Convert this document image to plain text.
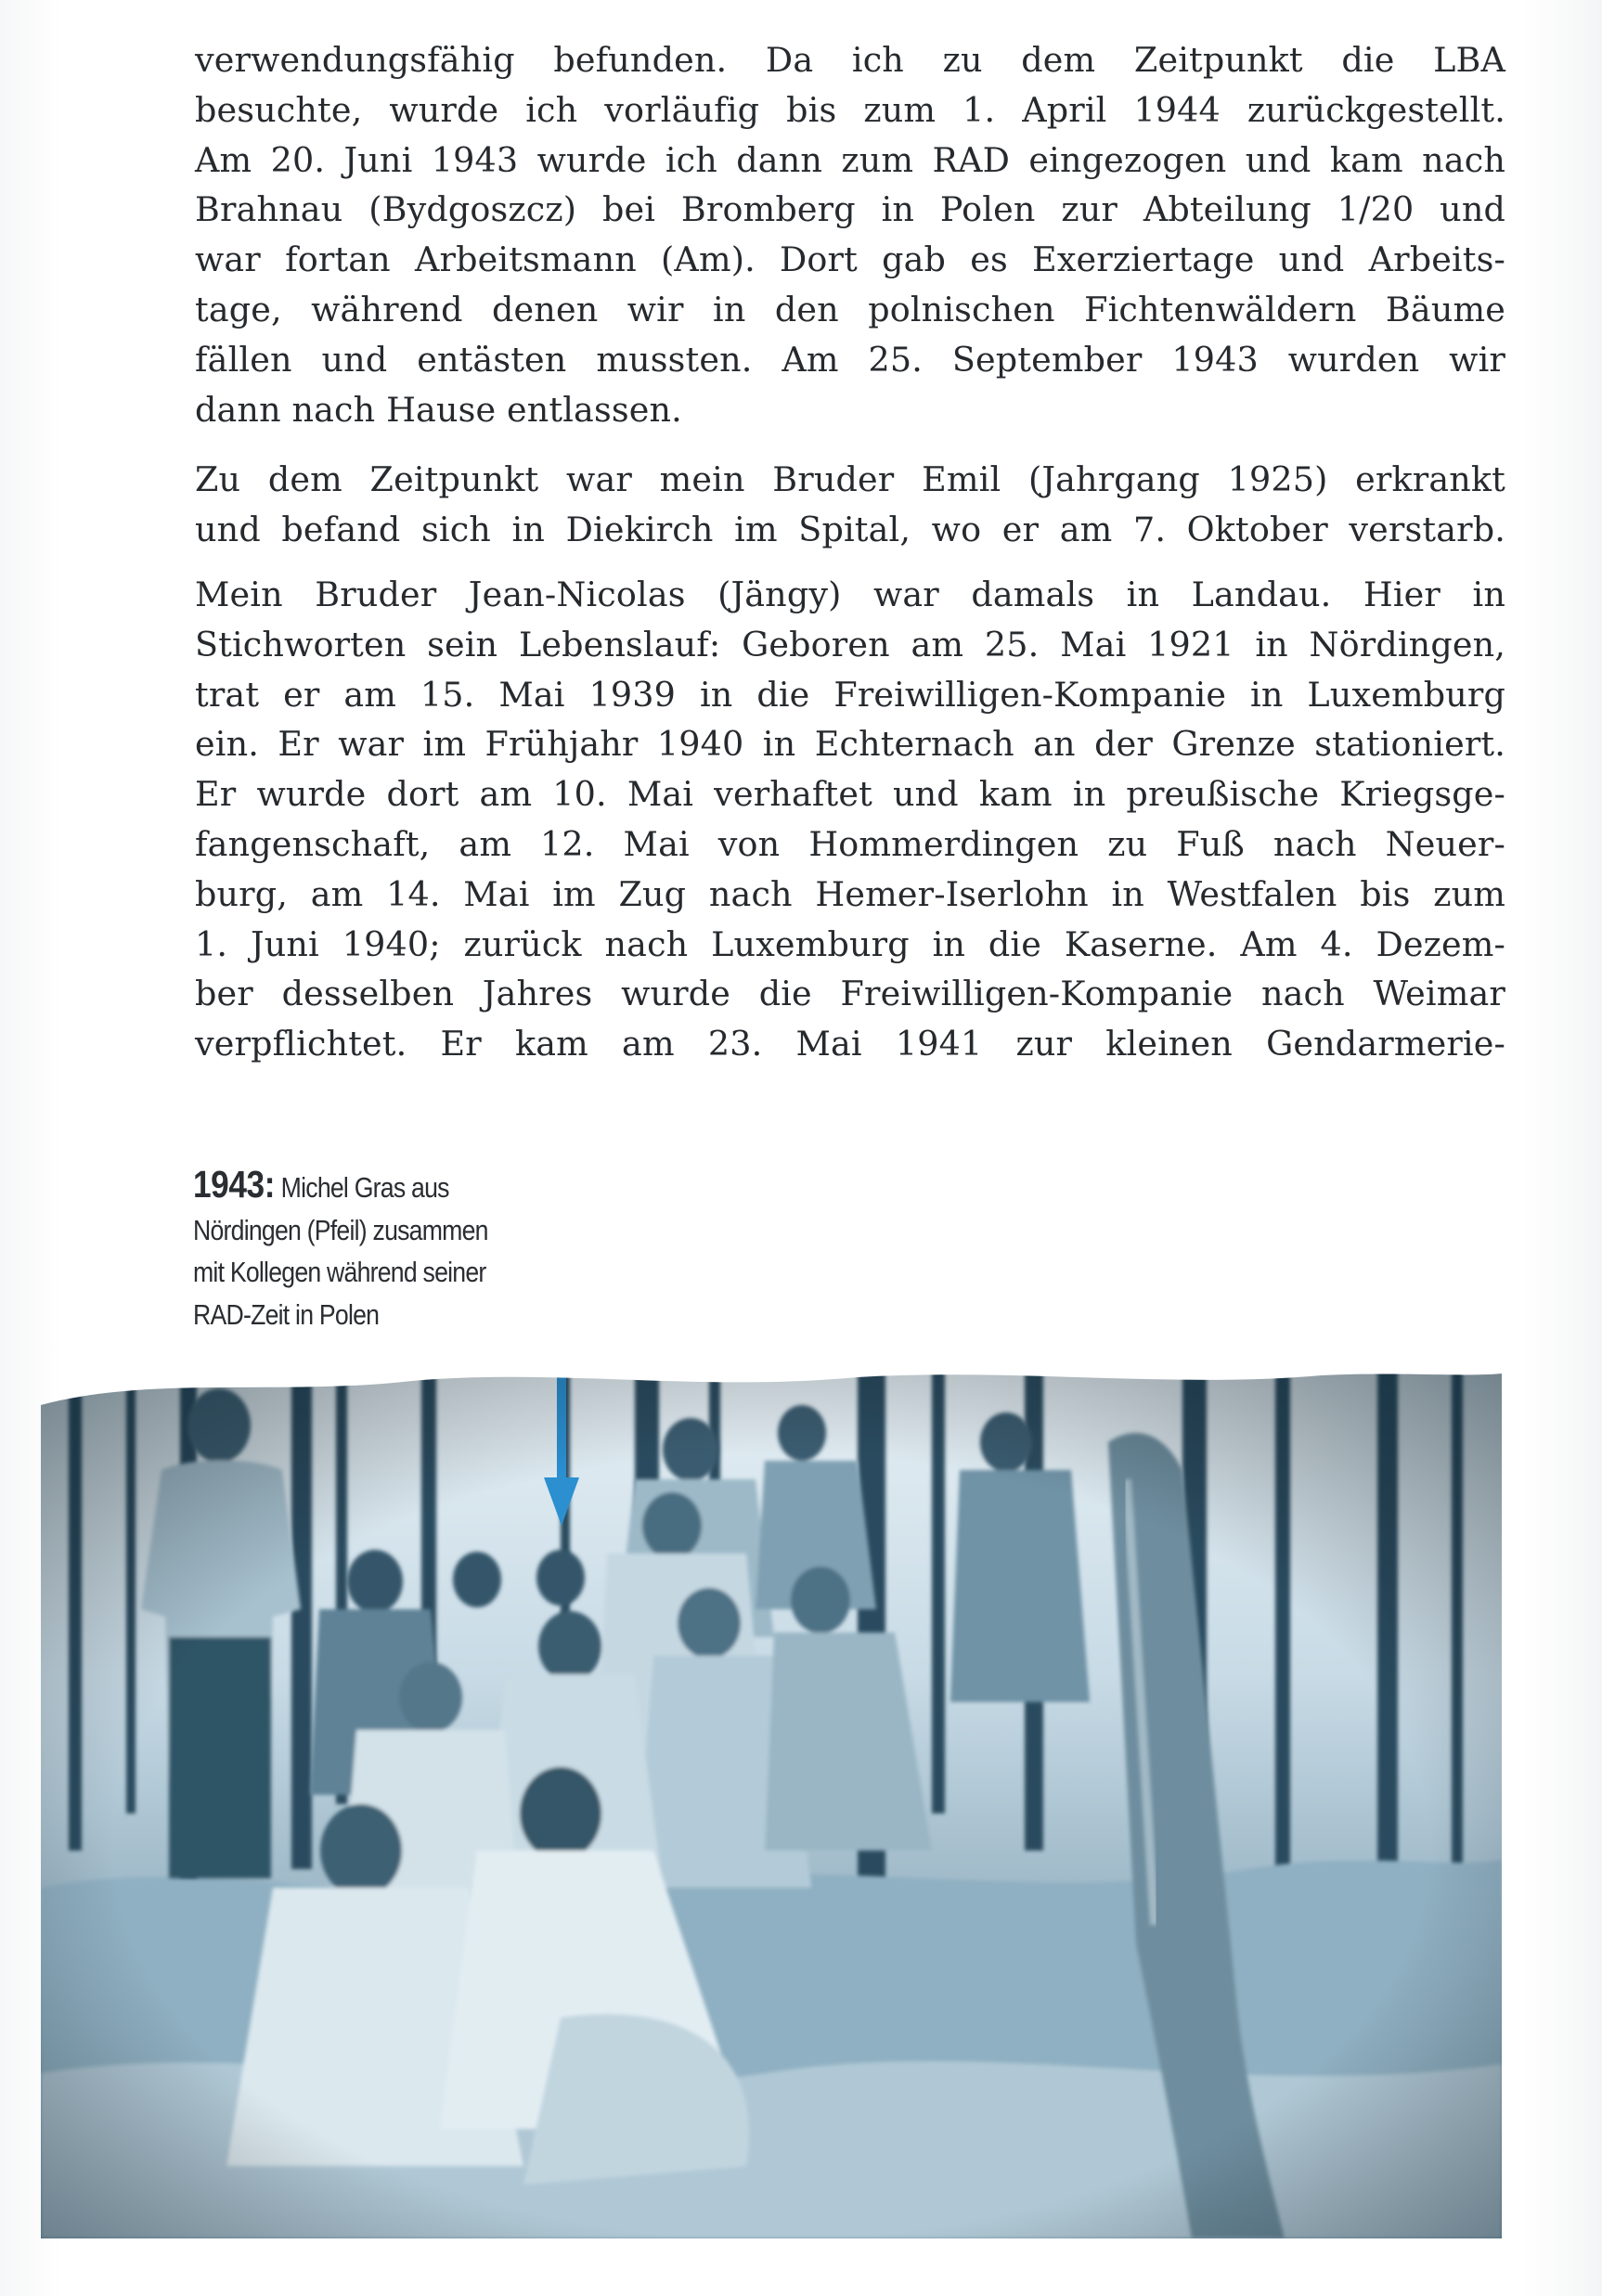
verwendungsfähig befunden. Da ich zu dem Zeitpunkt die LBA
besuchte, wurde ich vorläufig bis zum 1. April 1944 zurückgestellt.
Am 20. Juni 1943 wurde ich dann zum RAD eingezogen und kam nach
Brahnau (Bydgoszcz) bei Bromberg in Polen zur Abteilung 1/20 und
war fortan Arbeitsmann (Am). Dort gab es Exerziertage und Arbeits-
tage, während denen wir in den polnischen Fichtenwäldern Bäume
fällen und entästen mussten. Am 25. September 1943 wurden wir
dann nach Hause entlassen.
Zu dem Zeitpunkt war mein Bruder Emil (Jahrgang 1925) erkrankt
und befand sich in Diekirch im Spital, wo er am 7. Oktober verstarb.
Mein Bruder Jean-Nicolas (Jängy) war damals in Landau. Hier in
Stichworten sein Lebenslauf: Geboren am 25. Mai 1921 in Nördingen,
trat er am 15. Mai 1939 in die Freiwilligen-Kompanie in Luxemburg
ein. Er war im Frühjahr 1940 in Echternach an der Grenze stationiert.
Er wurde dort am 10. Mai verhaftet und kam in preußische Kriegsge-
fangenschaft, am 12. Mai von Hommerdingen zu Fuß nach Neuer-
burg, am 14. Mai im Zug nach Hemer-Iserlohn in Westfalen bis zum
1. Juni 1940; zurück nach Luxemburg in die Kaserne. Am 4. Dezem-
ber desselben Jahres wurde die Freiwilligen-Kompanie nach Weimar
verpflichtet. Er kam am 23. Mai 1941 zur kleinen Gendarmerie-
1943: Michel Gras aus
Nördingen (Pfeil) zusammen
mit Kollegen während seiner
RAD-Zeit in Polen
